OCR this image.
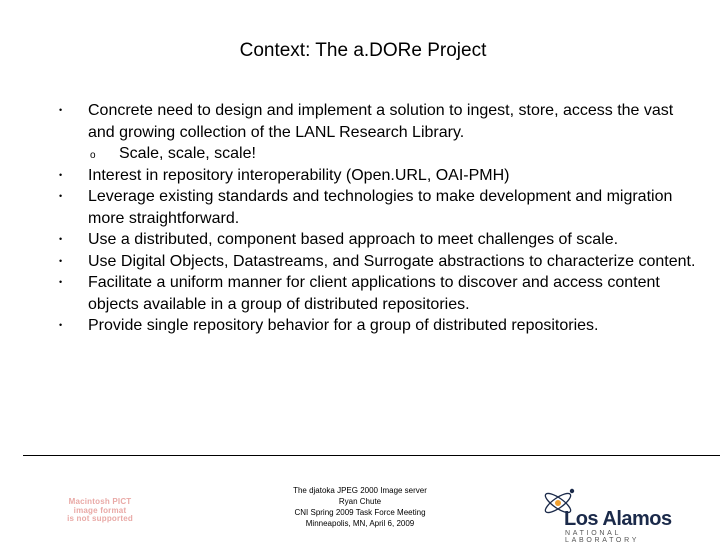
Context: The a.DORe Project
• Concrete need to design and implement a solution to ingest, store, access the vast and growing collection of the LANL Research Library.
o Scale, scale, scale!
• Interest in repository interoperability (Open.URL, OAI-PMH)
• Leverage existing standards and technologies to make development and migration more straightforward.
• Use a distributed, component based approach to meet challenges of scale.
• Use Digital Objects, Datastreams, and Surrogate abstractions to characterize content.
• Facilitate a uniform manner for client applications to discover and access content objects available in a group of distributed repositories.
• Provide single repository behavior for a group of distributed repositories.
Macintosh PICT
image format
is not supported
The djatoka JPEG 2000 Image server
Ryan Chute
CNI Spring 2009 Task Force Meeting
Minneapolis, MN, April 6, 2009	Los Alamos
NATIONAL LABORATORY
